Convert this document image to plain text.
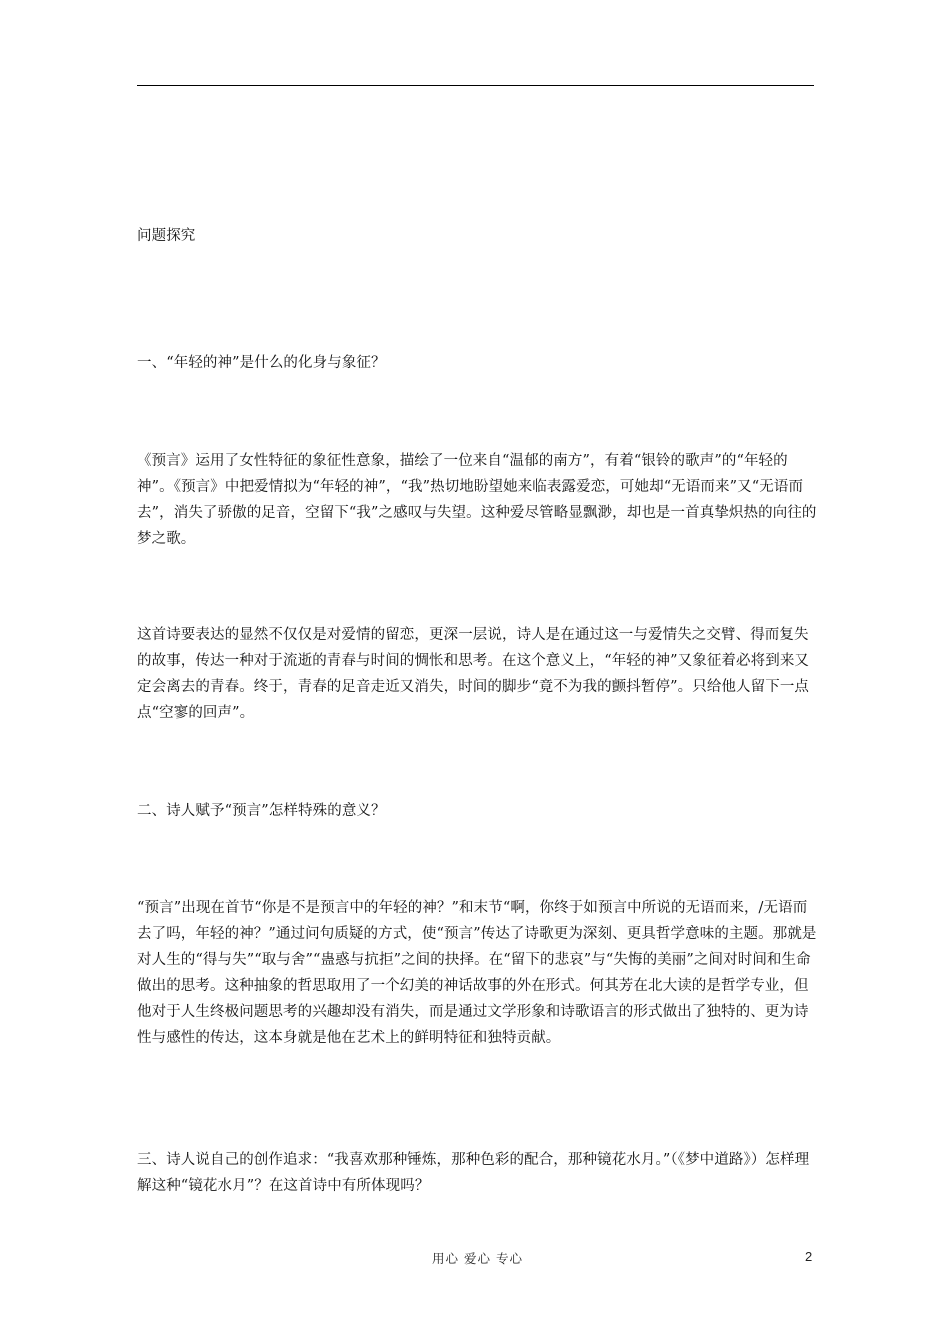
问题探究

一、“年轻的神”是什么的化身与象征？

《预言》运用了女性特征的象征性意象，描绘了一位来自“温郁的南方”，有着“银铃的歌声”的“年轻的神”。《预言》中把爱情拟为“年轻的神”，“我”热切地盼望她来临表露爱恋，可她却“无语而来”又“无语而去”，消失了骄傲的足音，空留下“我”之感叹与失望。这种爱尽管略显飘渺，却也是一首真挚炽热的向往的梦之歌。

这首诗要表达的显然不仅仅是对爱情的留恋，更深一层说，诗人是在通过这一与爱情失之交臂、得而复失的故事，传达一种对于流逝的青春与时间的惆怅和思考。在这个意义上，“年轻的神”又象征着必将到来又定会离去的青春。终于，青春的足音走近又消失，时间的脚步“竟不为我的颤抖暂停”。只给他人留下一点点“空寥的回声”。

二、诗人赋予“预言”怎样特殊的意义？

“预言”出现在首节“你是不是预言中的年轻的神？”和末节“啊，你终于如预言中所说的无语而来，/无语而去了吗，年轻的神？”通过问句质疑的方式，使“预言”传达了诗歌更为深刻、更具哲学意味的主题。那就是对人生的“得与失”“取与舍”“蛊惑与抗拒”之间的抉择。在“留下的悲哀”与“失悔的美丽”之间对时间和生命做出的思考。这种抽象的哲思取用了一个幻美的神话故事的外在形式。何其芳在北大读的是哲学专业，但他对于人生终极问题思考的兴趣却没有消失，而是通过文学形象和诗歌语言的形式做出了独特的、更为诗性与感性的传达，这本身就是他在艺术上的鲜明特征和独特贡献。

三、诗人说自己的创作追求：“我喜欢那种锤炼，那种色彩的配合，那种镜花水月。”（《梦中道路》）怎样理解这种“镜花水月”？在这首诗中有所体现吗？

用心 爱心 专心	2
